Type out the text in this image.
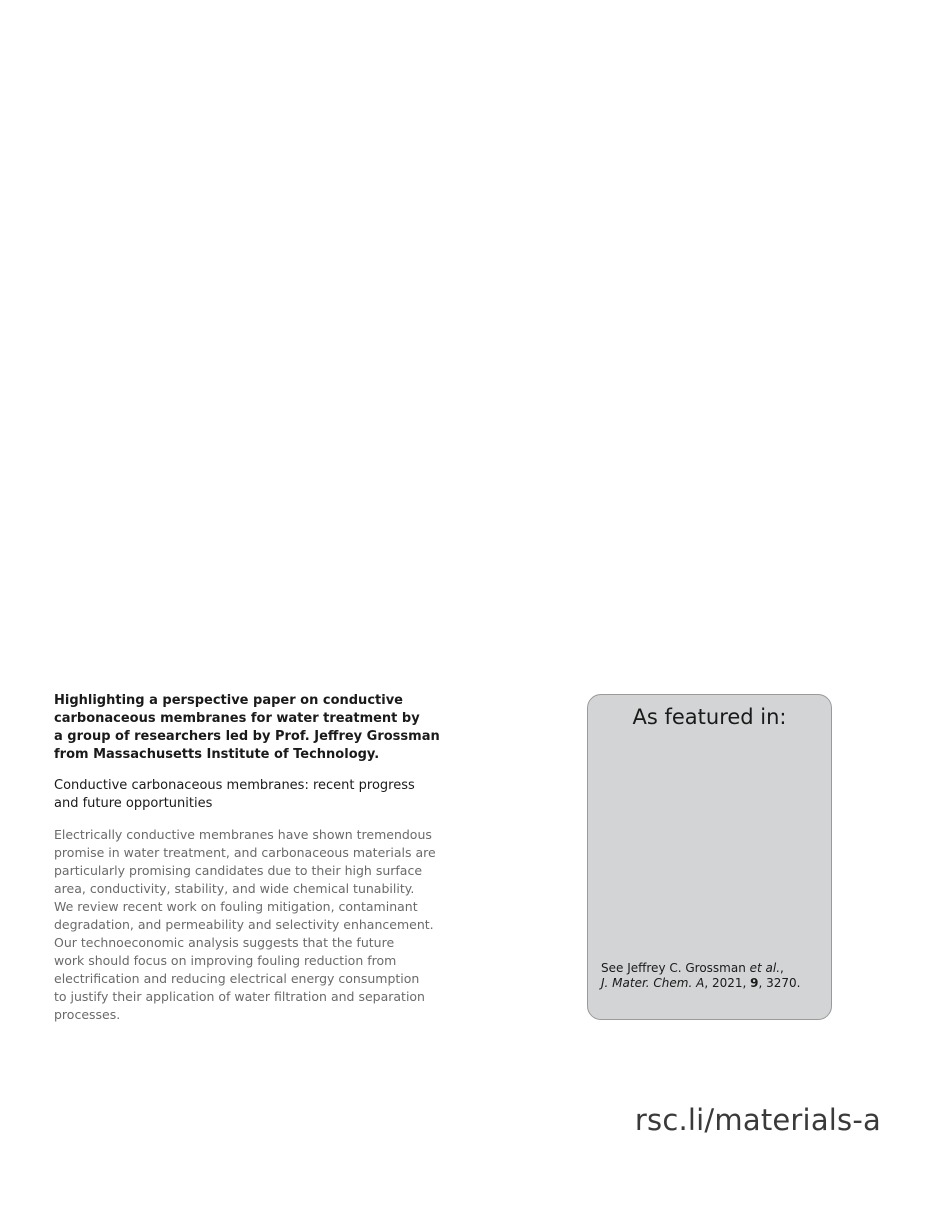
Highlighting a perspective paper on conductive
carbonaceous membranes for water treatment by
a group of researchers led by Prof. Jeffrey Grossman
from Massachusetts Institute of Technology.
Conductive carbonaceous membranes: recent progress
and future opportunities
Electrically conductive membranes have shown tremendous
promise in water treatment, and carbonaceous materials are
particularly promising candidates due to their high surface
area, conductivity, stability, and wide chemical tunability.
We review recent work on fouling mitigation, contaminant
degradation, and permeability and selectivity enhancement.
Our technoeconomic analysis suggests that the future
work should focus on improving fouling reduction from
electrification and reducing electrical energy consumption
to justify their application of water filtration and separation
processes.
As featured in:
See Jeffrey C. Grossman et al.,
J. Mater. Chem. A, 2021, 9, 3270.
rsc.li/materials-a
